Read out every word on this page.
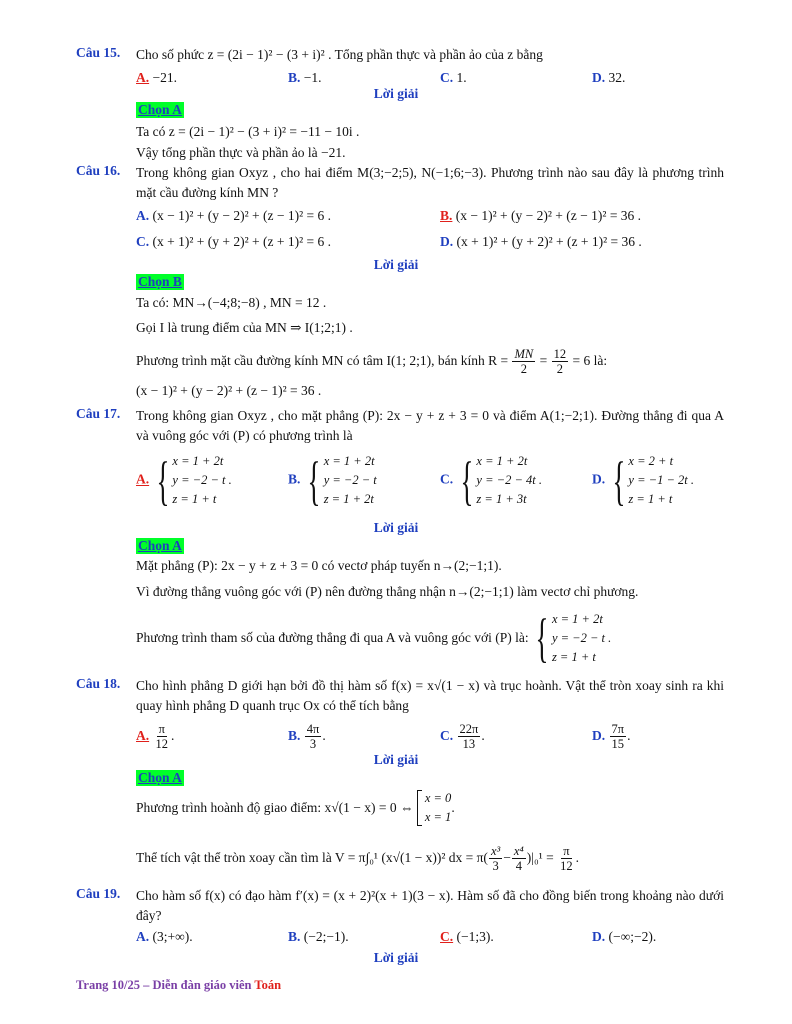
Câu 15. Cho số phức z = (2i − 1)² − (3 + i)² . Tổng phần thực và phần ảo của z bằng
A. −21.	B. −1.	C. 1.	D. 32.
Lời giải
Chọn A
Ta có z = (2i − 1)² − (3 + i)² = −11 − 10i .
Vậy tổng phần thực và phần ảo là −21.
Câu 16. Trong không gian Oxyz , cho hai điểm M(3;−2;5), N(−1;6;−3). Phương trình nào sau đây là phương trình mặt cầu đường kính MN ?
A. (x − 1)² + (y − 2)² + (z − 1)² = 6 .	B. (x − 1)² + (y − 2)² + (z − 1)² = 36 .
C. (x + 1)² + (y + 2)² + (z + 1)² = 6 .	D. (x + 1)² + (y + 2)² + (z + 1)² = 36 .
Lời giải
Chọn B
Ta có: MN→(−4;8;−8) , MN = 12 .
Gọi I là trung điểm của MN ⇒ I(1;2;1) .
Phương trình mặt cầu đường kính MN có tâm I(1; 2;1), bán kính $R = \frac{MN}{2} = \frac{12}{2} = 6$ là:
(x − 1)² + (y − 2)² + (z − 1)² = 36 .
Câu 17. Trong không gian Oxyz , cho mặt phẳng (P): 2x − y + z + 3 = 0 và điểm A(1;−2;1). Đường thẳng đi qua A và vuông góc với (P) có phương trình là
A. { x = 1 + 2t
y = −2 − t .
z = 1 + t
B. { x = 1 + 2t
y = −2 − t
z = 1 + 2t
C. { x = 1 + 2t
y = −2 − 4t .
z = 1 + 3t
D. { x = 2 + t
y = −1 − 2t .
z = 1 + t
Lời giải
Chọn A
Mặt phẳng (P): 2x − y + z + 3 = 0 có vectơ pháp tuyến n→(2;−1;1).
Vì đường thẳng vuông góc với (P) nên đường thẳng nhận n→(2;−1;1) làm vectơ chỉ phương.
Phương trình tham số của đường thẳng đi qua A và vuông góc với (P) là:
{ x = 1 + 2t
y = −2 − t .
z = 1 + t
Câu 18. Cho hình phẳng D giới hạn bởi đồ thị hàm số f(x) = x√(1 − x) và trục hoành. Vật thể tròn xoay sinh ra khi quay hình phẳng D quanh trục Ox có thể tích bằng
A. $\frac{\pi}{12}$ .	B. $\frac{4\pi}{3}$ .	C. $\frac{22\pi}{13}$ .	D. $\frac{7\pi}{15}$ .
Lời giải
Chọn A
Phương trình hoành độ giao điểm: x√(1 − x) = 0 ⇔

x = 0
x = 1
.
Thể tích vật thể tròn xoay cần tìm là V = π∫₀¹ (x√(1 − x))² dx = $\pi( \frac{\text{x³}}{3} - \frac{\text{x⁴}}{4} )|_0^1$ =
$\frac{\pi}{12}$ .
Câu 19. Cho hàm số f(x) có đạo hàm f′(x) = (x + 2)²(x + 1)(3 − x). Hàm số đã cho đồng biến trong khoảng nào dưới đây?
A. (3;+∞).	B. (−2;−1).	C. (−1;3).	D. (−∞;−2).
Lời giải
Trang 10/25 – Diễn đàn giáo viên Toán
